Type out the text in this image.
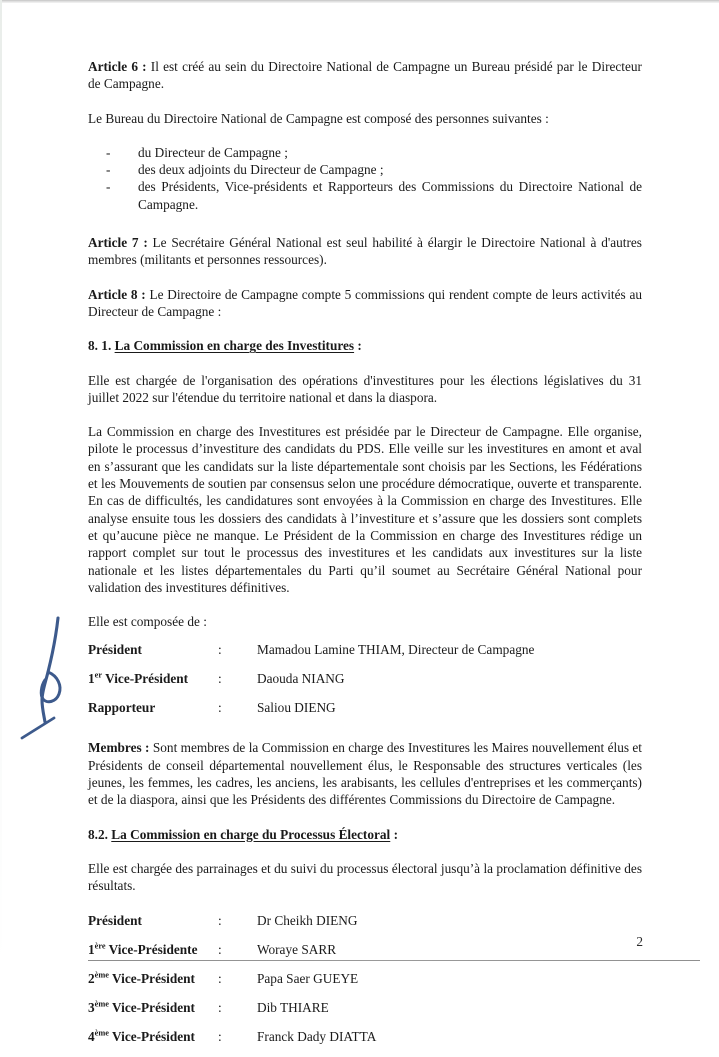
Article 6 : Il est créé au sein du Directoire National de Campagne un Bureau présidé par le Directeur de Campagne.

Le Bureau du Directoire National de Campagne est composé des personnes suivantes :

- du Directeur de Campagne ;
- des deux adjoints du Directeur de Campagne ;
- des Présidents, Vice-présidents et Rapporteurs des Commissions du Directoire National de Campagne.

Article 7 : Le Secrétaire Général National est seul habilité à élargir le Directoire National à d'autres membres (militants et personnes ressources).

Article 8 : Le Directoire de Campagne compte 5 commissions qui rendent compte de leurs activités au Directeur de Campagne :

8. 1. La Commission en charge des Investitures :

Elle est chargée de l'organisation des opérations d'investitures pour les élections législatives du 31 juillet 2022 sur l'étendue du territoire national et dans la diaspora.

La Commission en charge des Investitures est présidée par le Directeur de Campagne. Elle organise, pilote le processus d’investiture des candidats du PDS. Elle veille sur les investitures en amont et aval en s’assurant que les candidats sur la liste départementale sont choisis par les Sections, les Fédérations et les Mouvements de soutien par consensus selon une procédure démocratique, ouverte et transparente. En cas de difficultés, les candidatures sont envoyées à la Commission en charge des Investitures. Elle analyse ensuite tous les dossiers des candidats à l’investiture et s’assure que les dossiers sont complets et qu’aucune pièce ne manque. Le Président de la Commission en charge des Investitures rédige un rapport complet sur tout le processus des investitures et les candidats aux investitures sur la liste nationale et les listes départementales du Parti qu’il soumet au Secrétaire Général National pour validation des investitures définitives.

Elle est composée de :

Président	:	Mamadou Lamine THIAM, Directeur de Campagne
1er Vice-Président	:	Daouda NIANG
Rapporteur	:	Saliou DIENG

Membres : Sont membres de la Commission en charge des Investitures les Maires nouvellement élus et Présidents de conseil départemental nouvellement élus, le Responsable des structures verticales (les jeunes, les femmes, les cadres, les anciens, les arabisants, les cellules d'entreprises et les commerçants) et de la diaspora, ainsi que les Présidents des différentes Commissions du Directoire de Campagne.

8.2. La Commission en charge du Processus Électoral :

Elle est chargée des parrainages et du suivi du processus électoral jusqu’à la proclamation définitive des résultats.

Président	:	Dr Cheikh DIENG
1ère Vice-Présidente	:	Woraye SARR
2ème Vice-Président	:	Papa Saer GUEYE
3ème Vice-Président	:	Dib THIARE
4ème Vice-Président	:	Franck Dady DIATTA
2
